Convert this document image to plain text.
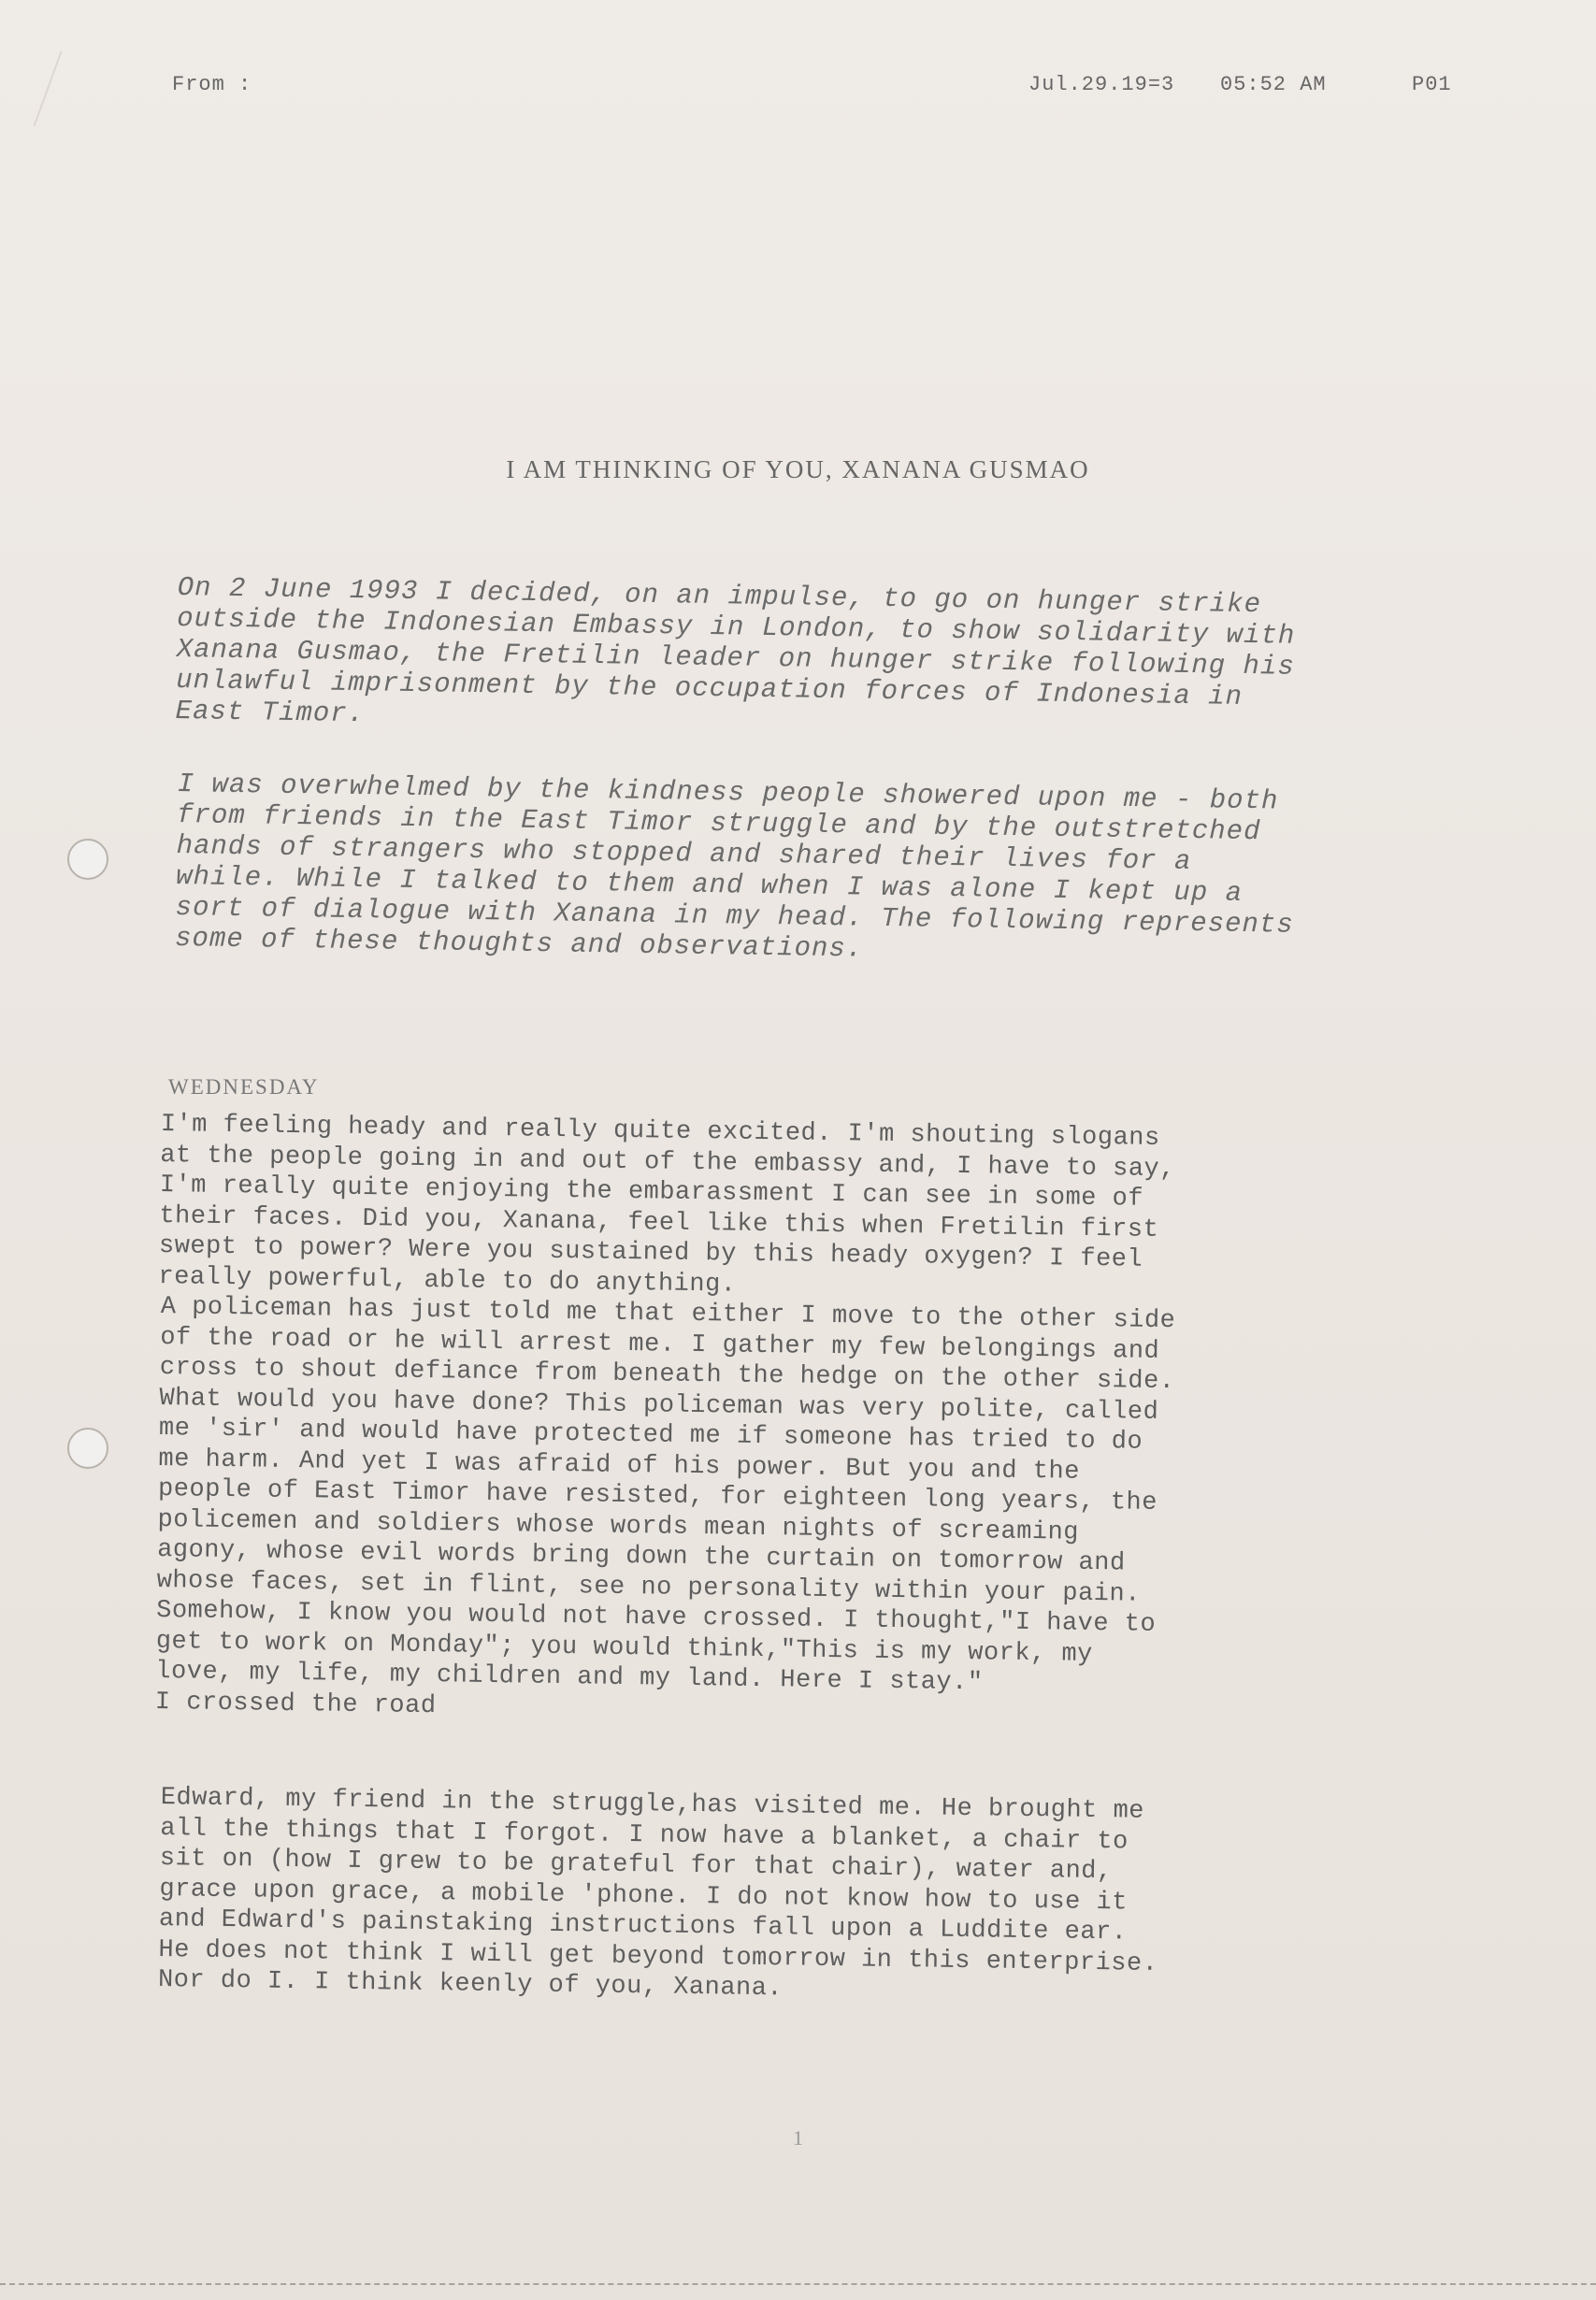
From :	Jul.29.19=3 05:52 AM	P01
I AM THINKING OF YOU, XANANA GUSMAO

On 2 June 1993 I decided, on an impulse, to go on hunger strike
outside the Indonesian Embassy in London, to show solidarity with
Xanana Gusmao, the Fretilin leader on hunger strike following his
unlawful imprisonment by the occupation forces of Indonesia in
East Timor.

I was overwhelmed by the kindness people showered upon me - both
from friends in the East Timor struggle and by the outstretched
hands of strangers who stopped and shared their lives for a
while. While I talked to them and when I was alone I kept up a
sort of dialogue with Xanana in my head. The following represents
some of these thoughts and observations.

WEDNESDAY

I'm feeling heady and really quite excited. I'm shouting slogans
at the people going in and out of the embassy and, I have to say,
I'm really quite enjoying the embarassment I can see in some of
their faces. Did you, Xanana, feel like this when Fretilin first
swept to power? Were you sustained by this heady oxygen? I feel
really powerful, able to do anything.

A policeman has just told me that either I move to the other side
of the road or he will arrest me. I gather my few belongings and
cross to shout defiance from beneath the hedge on the other side.
What would you have done? This policeman was very polite, called
me 'sir' and would have protected me if someone has tried to do
me harm. And yet I was afraid of his power. But you and the
people of East Timor have resisted, for eighteen long years, the
policemen and soldiers whose words mean nights of screaming
agony, whose evil words bring down the curtain on tomorrow and
whose faces, set in flint, see no personality within your pain.
Somehow, I know you would not have crossed. I thought,"I have to
get to work on Monday"; you would think,"This is my work, my
love, my life, my children and my land. Here I stay."
I crossed the road

Edward, my friend in the struggle,has visited me. He brought me
all the things that I forgot. I now have a blanket, a chair to
sit on (how I grew to be grateful for that chair), water and,
grace upon grace, a mobile 'phone. I do not know how to use it
and Edward's painstaking instructions fall upon a Luddite ear.
He does not think I will get beyond tomorrow in this enterprise.
Nor do I. I think keenly of you, Xanana.

1
